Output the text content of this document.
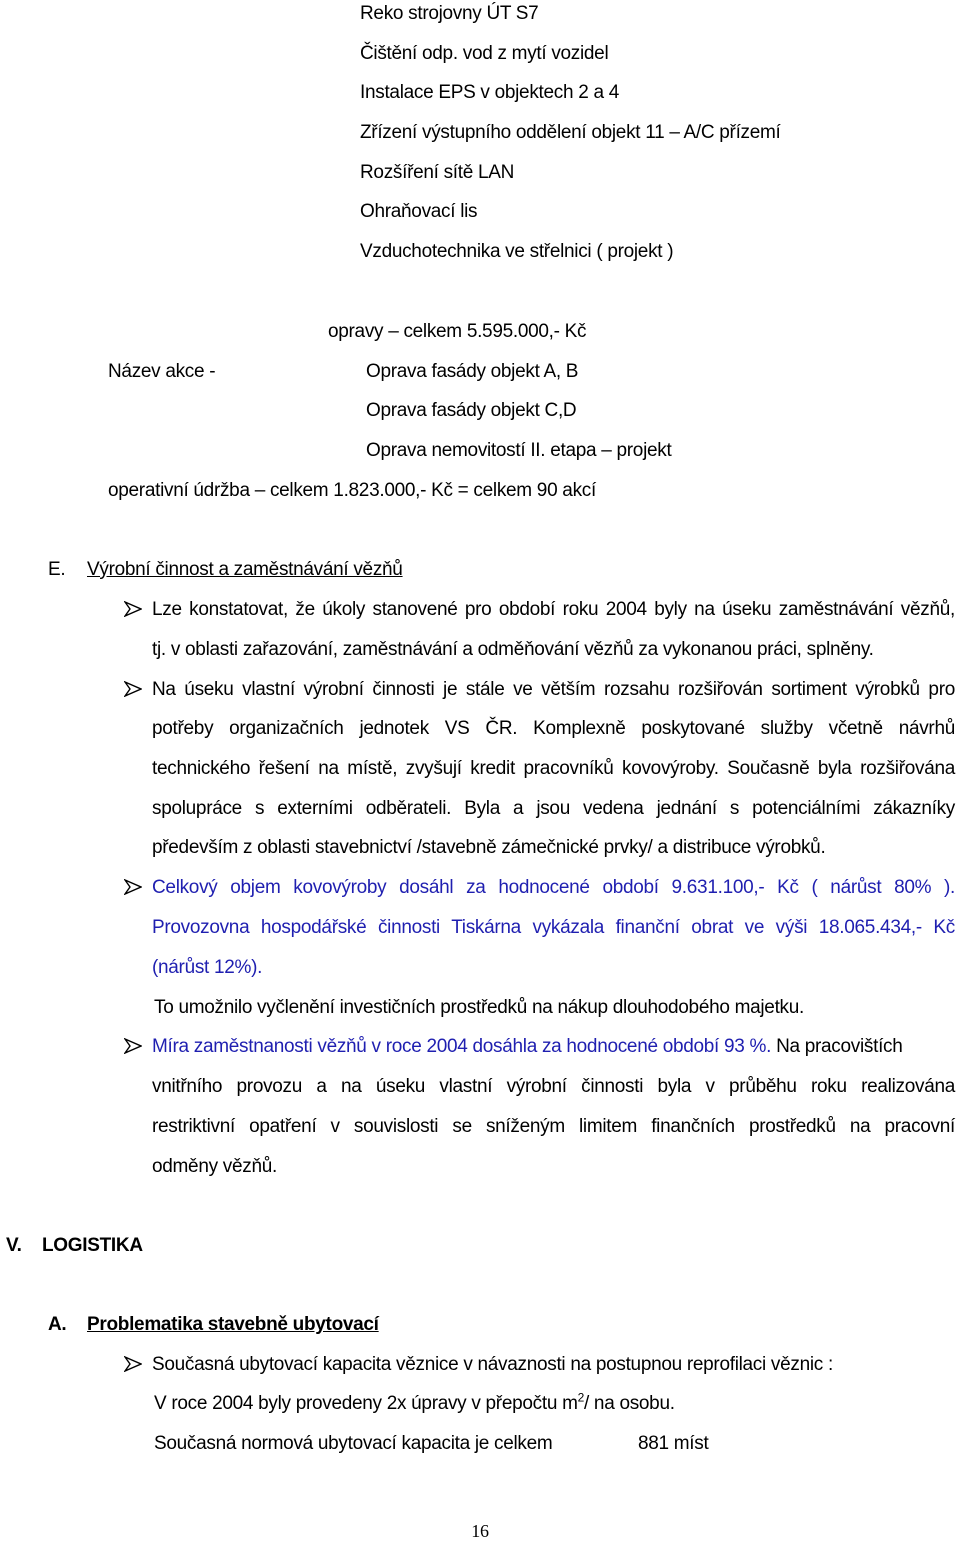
Reko strojovny ÚT S7
Čištění odp. vod z mytí vozidel
Instalace EPS v objektech 2 a 4
Zřízení výstupního oddělení objekt 11 – A/C přízemí
Rozšíření sítě LAN
Ohraňovací lis
Vzduchotechnika ve střelnici ( projekt )
opravy – celkem 5.595.000,- Kč
Název akce -	Oprava fasády objekt A, B
Oprava fasády objekt C,D
Oprava nemovitostí II. etapa – projekt
operativní údržba – celkem 1.823.000,- Kč = celkem 90 akcí
E. Výrobní činnost a zaměstnávání vězňů
Lze konstatovat, že úkoly stanovené pro období roku 2004 byly na úseku zaměstnávání vězňů,
tj. v oblasti zařazování, zaměstnávání a odměňování vězňů za vykonanou práci, splněny.
Na úseku vlastní výrobní činnosti je stále ve větším rozsahu rozšiřován sortiment výrobků pro
potřeby organizačních jednotek VS ČR. Komplexně poskytované služby včetně návrhů
technického řešení na místě, zvyšují kredit pracovníků kovovýroby. Současně byla rozšiřována
spolupráce s externími odběrateli. Byla a jsou vedena jednání s potenciálními zákazníky
především z oblasti stavebnictví /stavebně zámečnické prvky/ a distribuce výrobků.
Celkový objem kovovýroby dosáhl za hodnocené období 9.631.100,- Kč ( nárůst 80% ).
Provozovna hospodářské činnosti Tiskárna vykázala finanční obrat ve výši 18.065.434,- Kč
(nárůst 12%).
To umožnilo vyčlenění investičních prostředků na nákup dlouhodobého majetku.
Míra zaměstnanosti vězňů v roce 2004 dosáhla za hodnocené období 93 %. Na pracovištích
vnitřního provozu a na úseku vlastní výrobní činnosti byla v průběhu roku realizována
restriktivní opatření v souvislosti se sníženým limitem finančních prostředků na pracovní
odměny vězňů.
V. LOGISTIKA
A. Problematika stavebně ubytovací
Současná ubytovací kapacita věznice v návaznosti na postupnou reprofilaci věznic :
V roce 2004 byly provedeny 2x úpravy v přepočtu $m^2/$ na osobu.
Současná normová ubytovací kapacita je celkem	881 míst
16
